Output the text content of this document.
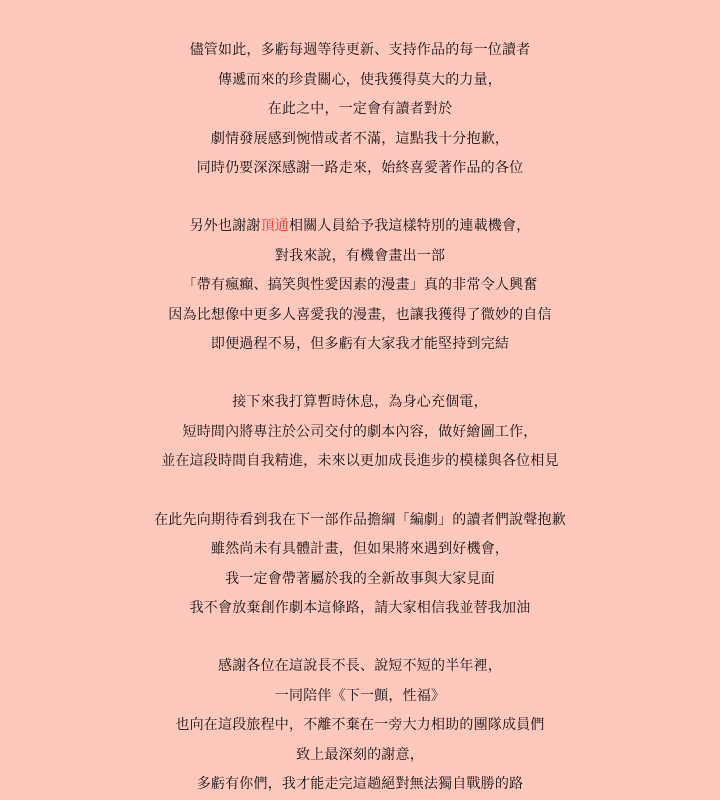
儘管如此，多虧每週等待更新、支持作品的每一位讀者
傳遞而來的珍貴關心，使我獲得莫大的力量，
在此之中，一定會有讀者對於
劇情發展感到惋惜或者不滿，這點我十分抱歉，
同時仍要深深感謝一路走來，始終喜愛著作品的各位
另外也謝謝頂通相關人員給予我這樣特別的連載機會，
對我來說，有機會畫出一部
「帶有瘋癲、搞笑與性愛因素的漫畫」真的非常令人興奮
因為比想像中更多人喜愛我的漫畫，也讓我獲得了微妙的自信
即便過程不易，但多虧有大家我才能堅持到完結
接下來我打算暫時休息，為身心充個電，
短時間內將專注於公司交付的劇本內容，做好繪圖工作，
並在這段時間自我精進，未來以更加成長進步的模樣與各位相見
在此先向期待看到我在下一部作品擔綱「編劇」的讀者們說聲抱歉
雖然尚未有具體計畫，但如果將來遇到好機會，
我一定會帶著屬於我的全新故事與大家見面
我不會放棄創作劇本這條路，請大家相信我並替我加油
感謝各位在這說長不長、說短不短的半年裡，
一同陪伴《下一顫，性福》
也向在這段旅程中，不離不棄在一旁大力相助的團隊成員們
致上最深刻的謝意，
多虧有你們，我才能走完這趟絕對無法獨自戰勝的路
